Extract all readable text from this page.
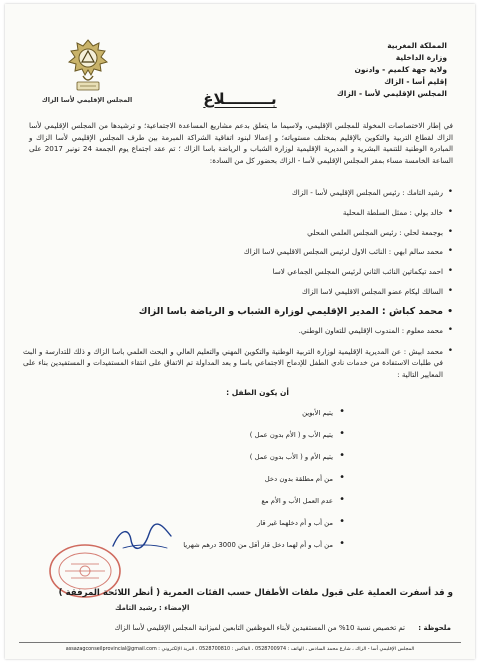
المملكة المغربية
وزارة الداخلية
ولاية جهة كلميم - وادنون
إقليم أسا - الزاك
المجلس الإقليمي لأسا - الزاك
المجلس الإقليمي لأسا الزاك	بـــــــــلاغ

في إطار الاختصاصات المخولة للمجلس الإقليمي، ولاسيما ما يتعلق بدعم مشاريع المساعدة الاجتماعية؛ و ترشيدها من المجلس الإقليمي لأسا الزاك لقطاع التربية والتكوين بالإقليم بمختلف مستوياته؛ و إعمالا لبنود اتفاقية الشراكة المبرمة بين طرف المجلس الإقليمي لأسا الزاك و المبادرة الوطنية للتنمية البشرية و المديرية الإقليمية لوزارة الشباب و الرياضة باسا الزاك ؛ تم عقد اجتماع يوم الجمعة 24 نونبر 2017 على الساعة الخامسة مساء بمقر المجلس الإقليمي لأسا - الزاك بحضور كل من السادة:

• رشيد التامك : رئيس المجلس الإقليمي لأسا - الزاك
• خالد بولي : ممثل السلطة المحلية
• بوجمعة لحلي : رئيس المجلس العلمي المحلي
• محمد سالم ابهي : النائب الاول لرئيس المجلس الاقليمي لاسا الزاك
• احمد تيكماتين النائب الثاني لرئيس المجلس الجماعي لاسا
• السالك ليكام عضو المجلس الاقليمي لاسا الزاك
• محمد كباش : المدير الإقليمي لوزارة الشباب و الرياضة باسا الزاك
• محمد معلوم : المندوب الإقليمي للتعاون الوطني.
• محمد ابيش : عن المديرية الإقليمية لوزارة التربية الوطنية والتكوين المهني والتعليم العالي و البحث العلمي باسا الزاك و ذلك للتدارسة و البث في طلبات الاستفادة من خدمات نادي الطفل للإدماج الاجتماعي باسا و بعد المداولة تم الاتفاق على انتقاء المستفيدات و المستفيدين بناء على المعايير التالية :
أن يكون الطفل :
• يتيم الأبوين
• يتيم الأب و ( الأم بدون عمل )
• يتيم الأم و ( الأب بدون عمل )
• من أم مطلقة بدون دخل
• عدم العمل الأب و الأم مع
• من أب و أم دخلهما غير قار
• من أب و أم لهما دخل قار أقل من 3000 درهم شهريا
الإمضاء : رشيد التامك
و قد أسفرت العملية على قبول ملفات الأطفال حسب الفئات العمرية ( أنظر اللائحة المرفقة )
ملحوظة :
تم تخصيص نسبة 10% من المستفيدين لأبناء الموظفين التابعين لميزانية المجلس الإقليمي لأسا الزاك
المجلس الإقليمي أسا - الزاك ، شارع محمد السادس ، الهاتف : 0528700974 ، الفاكس : 0528700810 ، البريد الإلكتروني : assazagconseilprovincial@gmail.com
